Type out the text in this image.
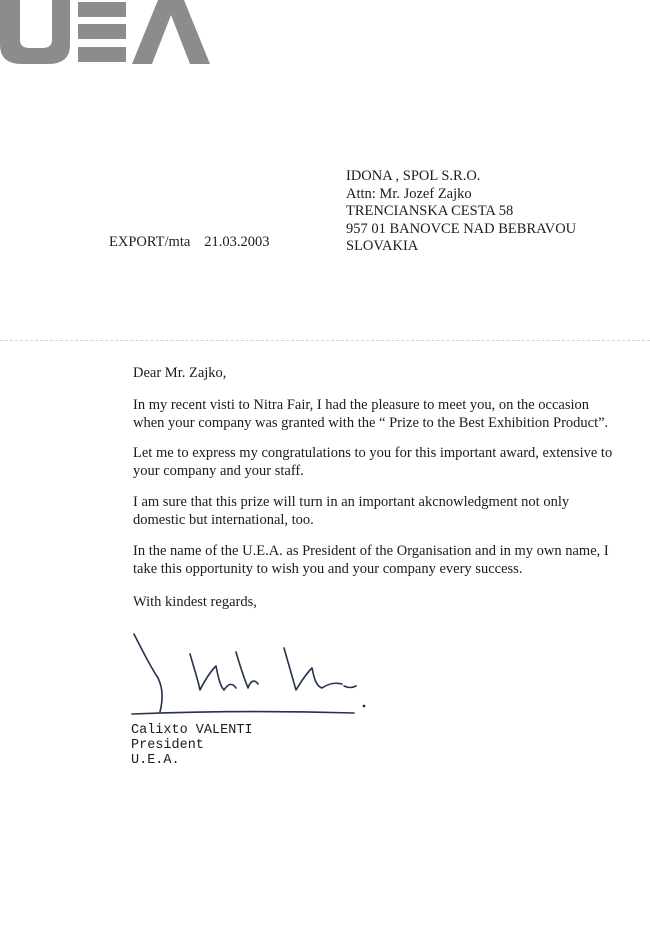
IDONA , SPOL S.R.O.
Attn: Mr. Jozef Zajko
TRENCIANSKA CESTA 58
957 01 BANOVCE NAD BEBRAVOU
SLOVAKIA
EXPORT/mta 21.03.2003
Dear Mr. Zajko,
In my recent visti to Nitra Fair, I had the pleasure to meet you, on the occasion when your company was granted with the “ Prize to the Best Exhibition Product”.
Let me to express my congratulations to you for this important award, extensive to your company and your staff.
I am sure that this prize will turn in an important akcnowledgment not only domestic but international, too.
In the name of the U.E.A. as President of the Organisation and in my own name, I take this opportunity to wish you and your company every success.
With kindest regards,
Calixto VALENTI
President
U.E.A.
